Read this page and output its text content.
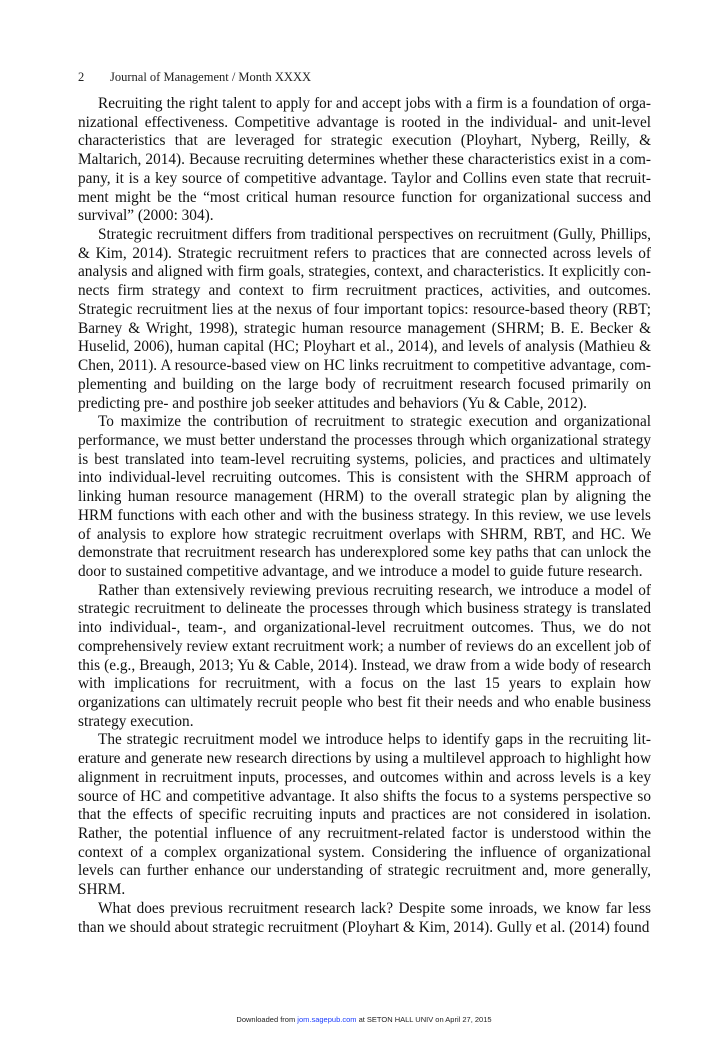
2 Journal of Management / Month XXXX

Recruiting the right talent to apply for and accept jobs with a firm is a foundation of organizational effectiveness. Competitive advantage is rooted in the individual- and unit-level characteristics that are leveraged for strategic execution (Ployhart, Nyberg, Reilly, & Maltarich, 2014). Because recruiting determines whether these characteristics exist in a company, it is a key source of competitive advantage. Taylor and Collins even state that recruitment might be the “most critical human resource function for organizational success and survival” (2000: 304).

Strategic recruitment differs from traditional perspectives on recruitment (Gully, Phillips, & Kim, 2014). Strategic recruitment refers to practices that are connected across levels of analysis and aligned with firm goals, strategies, context, and characteristics. It explicitly connects firm strategy and context to firm recruitment practices, activities, and outcomes. Strategic recruitment lies at the nexus of four important topics: resource-based theory (RBT; Barney & Wright, 1998), strategic human resource management (SHRM; B. E. Becker & Huselid, 2006), human capital (HC; Ployhart et al., 2014), and levels of analysis (Mathieu & Chen, 2011). A resource-based view on HC links recruitment to competitive advantage, complementing and building on the large body of recruitment research focused primarily on predicting pre- and posthire job seeker attitudes and behaviors (Yu & Cable, 2012).

To maximize the contribution of recruitment to strategic execution and organizational performance, we must better understand the processes through which organizational strategy is best translated into team-level recruiting systems, policies, and practices and ultimately into individual-level recruiting outcomes. This is consistent with the SHRM approach of linking human resource management (HRM) to the overall strategic plan by aligning the HRM functions with each other and with the business strategy. In this review, we use levels of analysis to explore how strategic recruitment overlaps with SHRM, RBT, and HC. We demonstrate that recruitment research has underexplored some key paths that can unlock the door to sustained competitive advantage, and we introduce a model to guide future research.

Rather than extensively reviewing previous recruiting research, we introduce a model of strategic recruitment to delineate the processes through which business strategy is translated into individual-, team-, and organizational-level recruitment outcomes. Thus, we do not comprehensively review extant recruitment work; a number of reviews do an excellent job of this (e.g., Breaugh, 2013; Yu & Cable, 2014). Instead, we draw from a wide body of research with implications for recruitment, with a focus on the last 15 years to explain how organizations can ultimately recruit people who best fit their needs and who enable business strategy execution.

The strategic recruitment model we introduce helps to identify gaps in the recruiting literature and generate new research directions by using a multilevel approach to highlight how alignment in recruitment inputs, processes, and outcomes within and across levels is a key source of HC and competitive advantage. It also shifts the focus to a systems perspective so that the effects of specific recruiting inputs and practices are not considered in isolation. Rather, the potential influence of any recruitment-related factor is understood within the context of a complex organizational system. Considering the influence of organizational levels can further enhance our understanding of strategic recruitment and, more generally, SHRM.

What does previous recruitment research lack? Despite some inroads, we know far less than we should about strategic recruitment (Ployhart & Kim, 2014). Gully et al. (2014) found

Downloaded from jom.sagepub.com at SETON HALL UNIV on April 27, 2015
